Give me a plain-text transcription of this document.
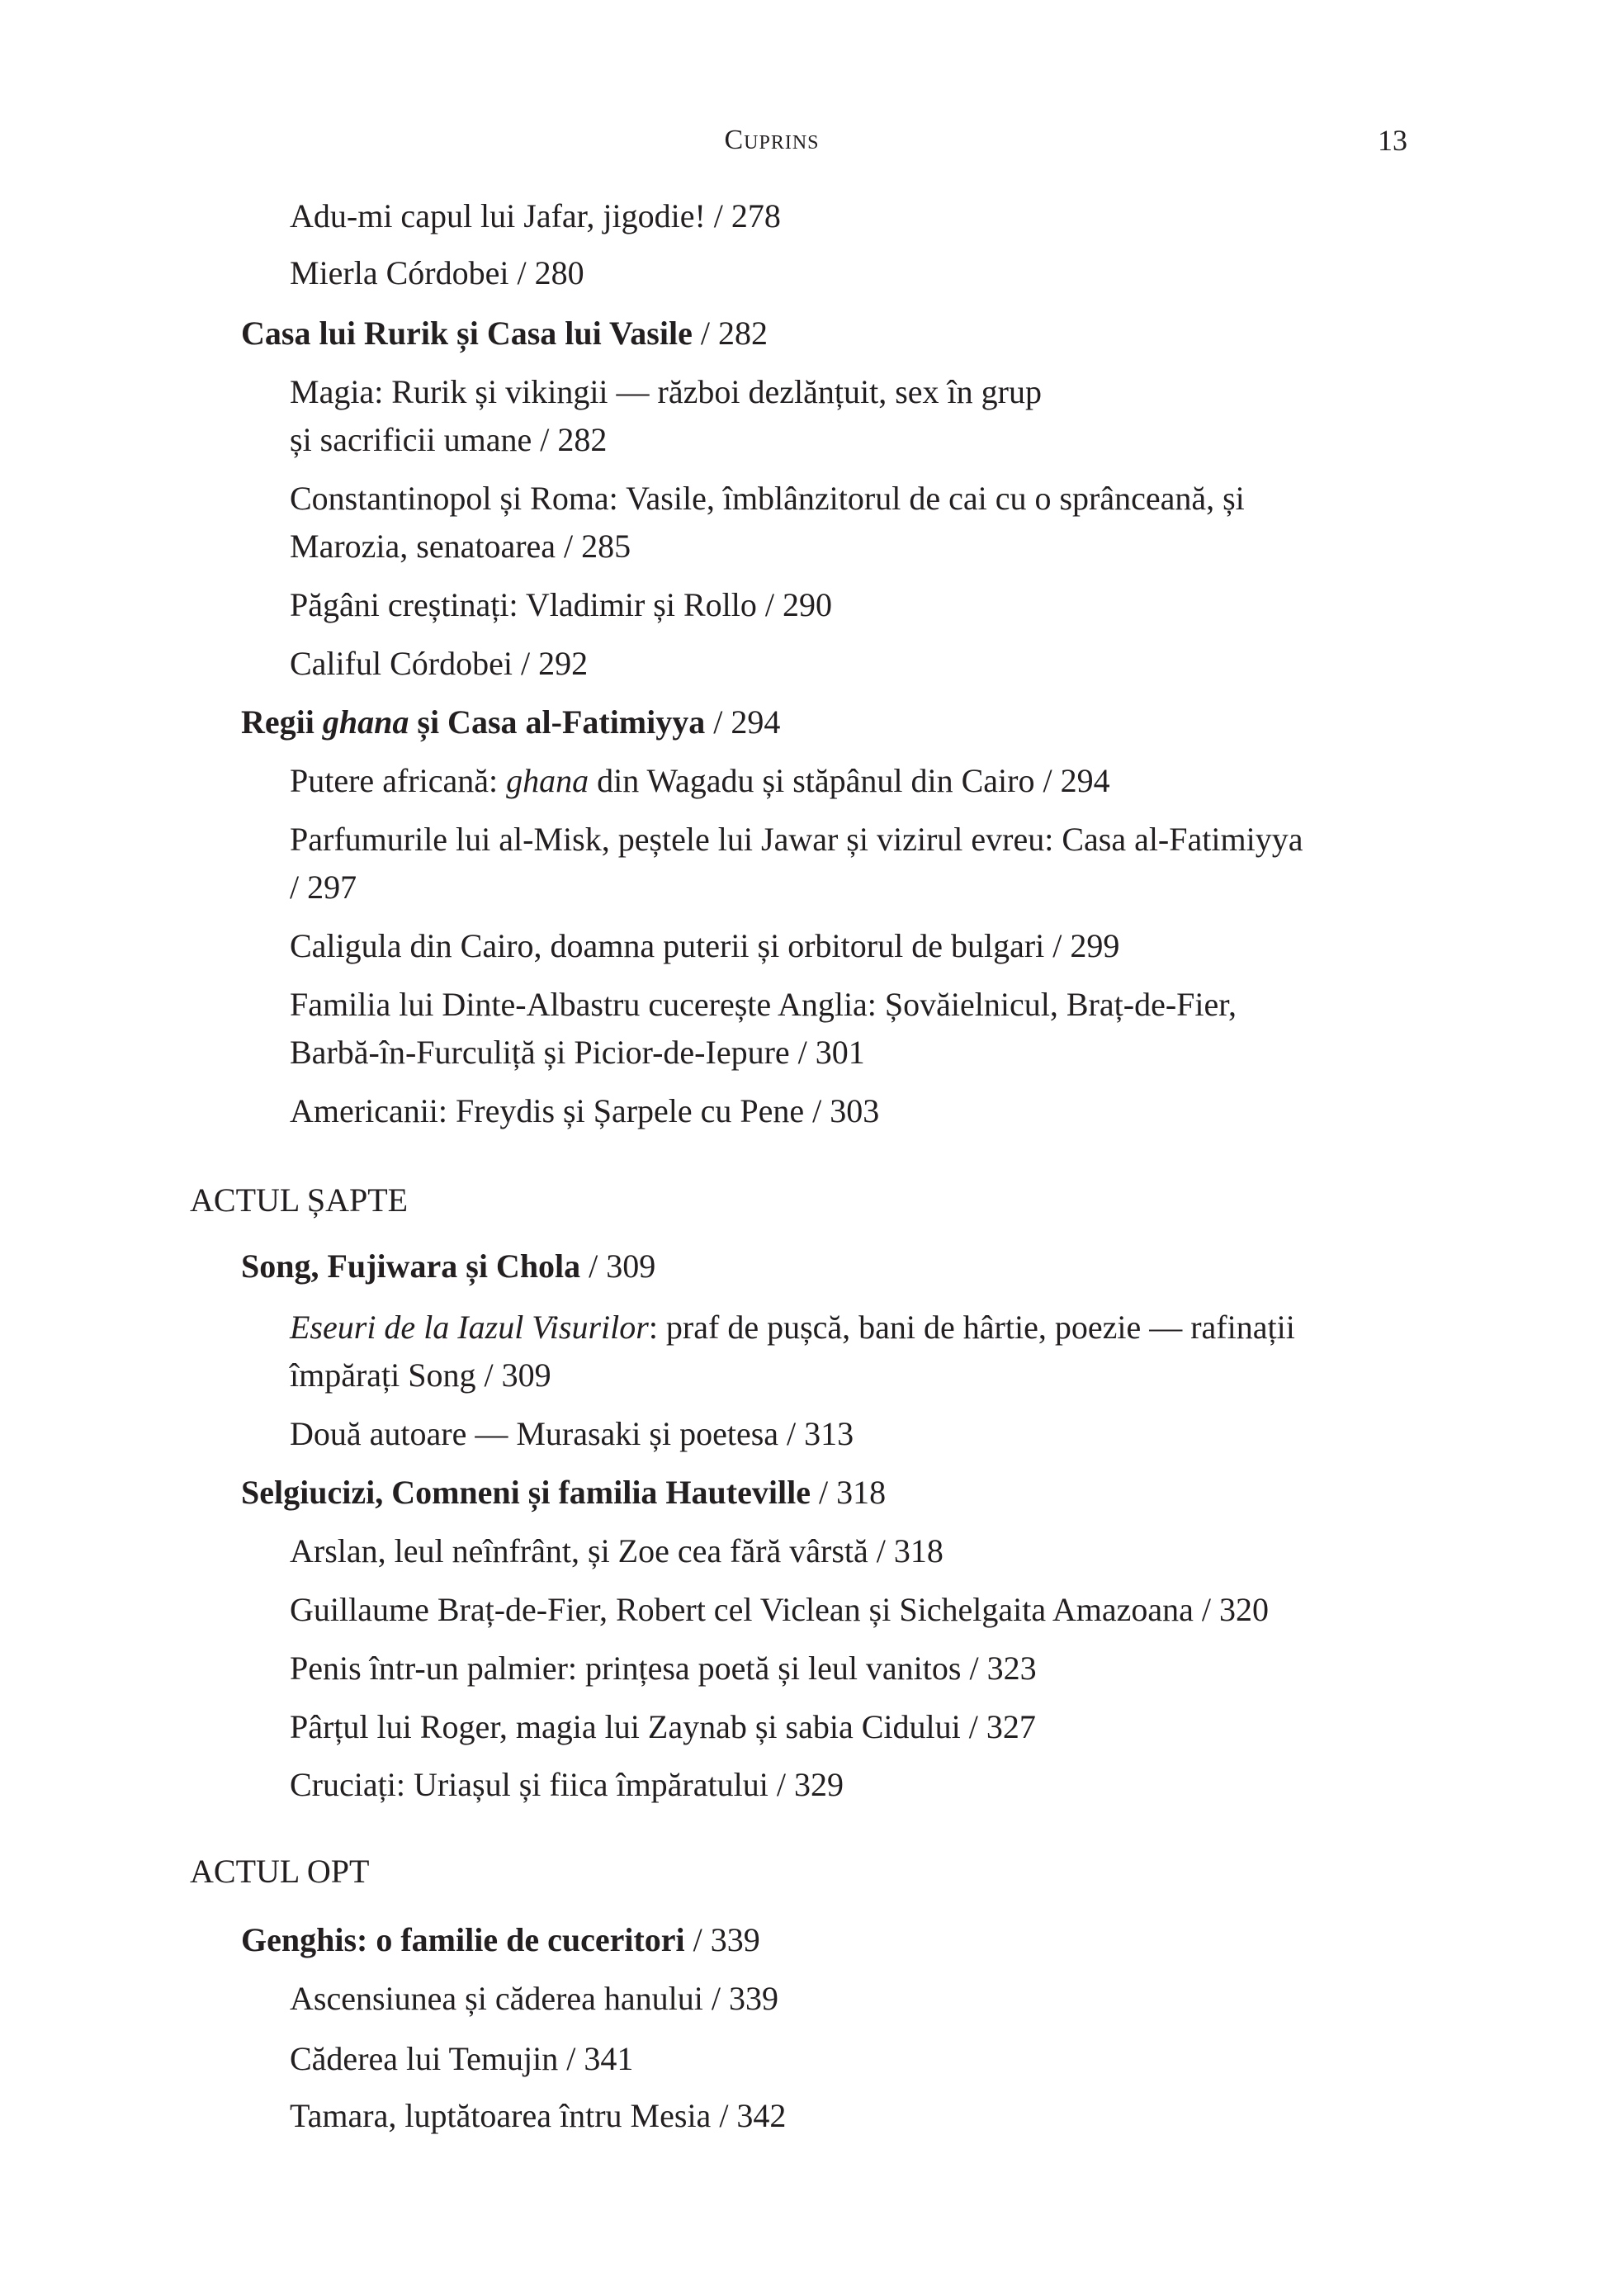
Cuprins	13
Adu-mi capul lui Jafar, jigodie! / 278
Mierla Córdobei / 280
Casa lui Rurik și Casa lui Vasile / 282
Magia: Rurik și vikingii — război dezlănțuit, sex în grup
și sacrificii umane / 282
Constantinopol și Roma: Vasile, îmblânzitorul de cai cu o sprânceană, și
Marozia, senatoarea / 285
Păgâni creștinați: Vladimir și Rollo / 290
Califul Córdobei / 292
Regii ghana și Casa al-Fatimiyya / 294
Putere africană: ghana din Wagadu și stăpânul din Cairo / 294
Parfumurile lui al-Misk, peștele lui Jawar și vizirul evreu: Casa al-Fatimiyya
/ 297
Caligula din Cairo, doamna puterii și orbitorul de bulgari / 299
Familia lui Dinte-Albastru cucerește Anglia: Șovăielnicul, Braț-de-Fier,
Barbă-în-Furculiță și Picior-de-Iepure / 301
Americanii: Freydis și Șarpele cu Pene / 303
ACTUL ȘAPTE
Song, Fujiwara și Chola / 309
Eseuri de la Iazul Visurilor: praf de pușcă, bani de hârtie, poezie — rafinații
împărați Song / 309
Două autoare — Murasaki și poetesa / 313
Selgiucizi, Comneni și familia Hauteville / 318
Arslan, leul neînfrânt, și Zoe cea fără vârstă / 318
Guillaume Braț-de-Fier, Robert cel Viclean și Sichelgaita Amazoana / 320
Penis într-un palmier: prințesa poetă și leul vanitos / 323
Pârțul lui Roger, magia lui Zaynab și sabia Cidului / 327
Cruciați: Uriașul și fiica împăratului / 329
ACTUL OPT
Genghis: o familie de cuceritori / 339
Ascensiunea și căderea hanului / 339
Căderea lui Temujin / 341
Tamara, luptătoarea întru Mesia / 342
